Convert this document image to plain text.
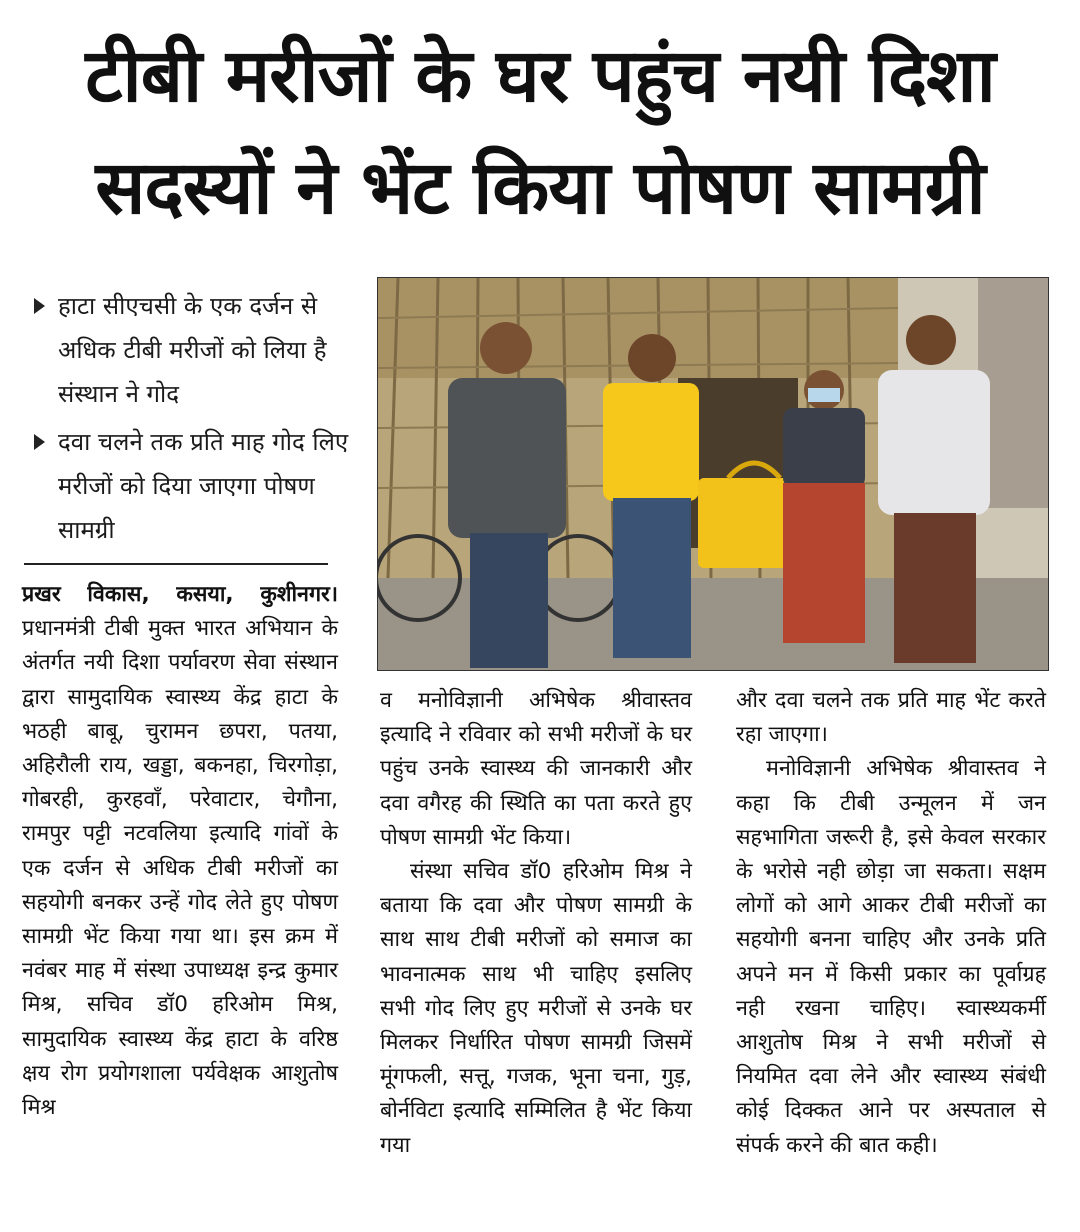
टीबी मरीजों के घर पहुंच नयी दिशा
सदस्यों ने भेंट किया पोषण सामग्री
हाटा सीएचसी के एक दर्जन से अधिक टीबी मरीजों को लिया है संस्थान ने गोद
दवा चलने तक प्रति माह गोद लिए मरीजों को दिया जाएगा पोषण सामग्री

प्रखर विकास, कसया, कुशीनगर। प्रधानमंत्री टीबी मुक्त भारत अभियान के अंतर्गत नयी दिशा पर्यावरण सेवा संस्थान द्वारा सामुदायिक स्वास्थ्य केंद्र हाटा के भठही बाबू, चुरामन छपरा, पतया, अहिरौली राय, खड्डा, बकनहा, चिरगोड़ा, गोबरही, कुरहवाँ, परेवाटार, चेगौना, रामपुर पट्टी नटवलिया इत्यादि गांवों के एक दर्जन से अधिक टीबी मरीजों का सहयोगी बनकर उन्हें गोद लेते हुए पोषण सामग्री भेंट किया गया था। इस क्रम में नवंबर माह में संस्था उपाध्यक्ष इन्द्र कुमार मिश्र, सचिव डॉ0 हरिओम मिश्र, सामुदायिक स्वास्थ्य केंद्र हाटा के वरिष्ठ क्षय रोग प्रयोगशाला पर्यवेक्षक आशुतोष मिश्र

व मनोविज्ञानी अभिषेक श्रीवास्तव इत्यादि ने रविवार को सभी मरीजों के घर पहुंच उनके स्वास्थ्य की जानकारी और दवा वगैरह की स्थिति का पता करते हुए पोषण सामग्री भेंट किया।

संस्था सचिव डॉ0 हरिओम मिश्र ने बताया कि दवा और पोषण सामग्री के साथ साथ टीबी मरीजों को समाज का भावनात्मक साथ भी चाहिए इसलिए सभी गोद लिए हुए मरीजों से उनके घर मिलकर निर्धारित पोषण सामग्री जिसमें मूंगफली, सत्तू, गजक, भूना चना, गुड़, बोर्नविटा इत्यादि सम्मिलित है भेंट किया गया

और दवा चलने तक प्रति माह भेंट करते रहा जाएगा।

मनोविज्ञानी अभिषेक श्रीवास्तव ने कहा कि टीबी उन्मूलन में जन सहभागिता जरूरी है, इसे केवल सरकार के भरोसे नही छोड़ा जा सकता। सक्षम लोगों को आगे आकर टीबी मरीजों का सहयोगी बनना चाहिए और उनके प्रति अपने मन में किसी प्रकार का पूर्वाग्रह नही रखना चाहिए। स्वास्थ्यकर्मी आशुतोष मिश्र ने सभी मरीजों से नियमित दवा लेने और स्वास्थ्य संबंधी कोई दिक्कत आने पर अस्पताल से संपर्क करने की बात कही।
